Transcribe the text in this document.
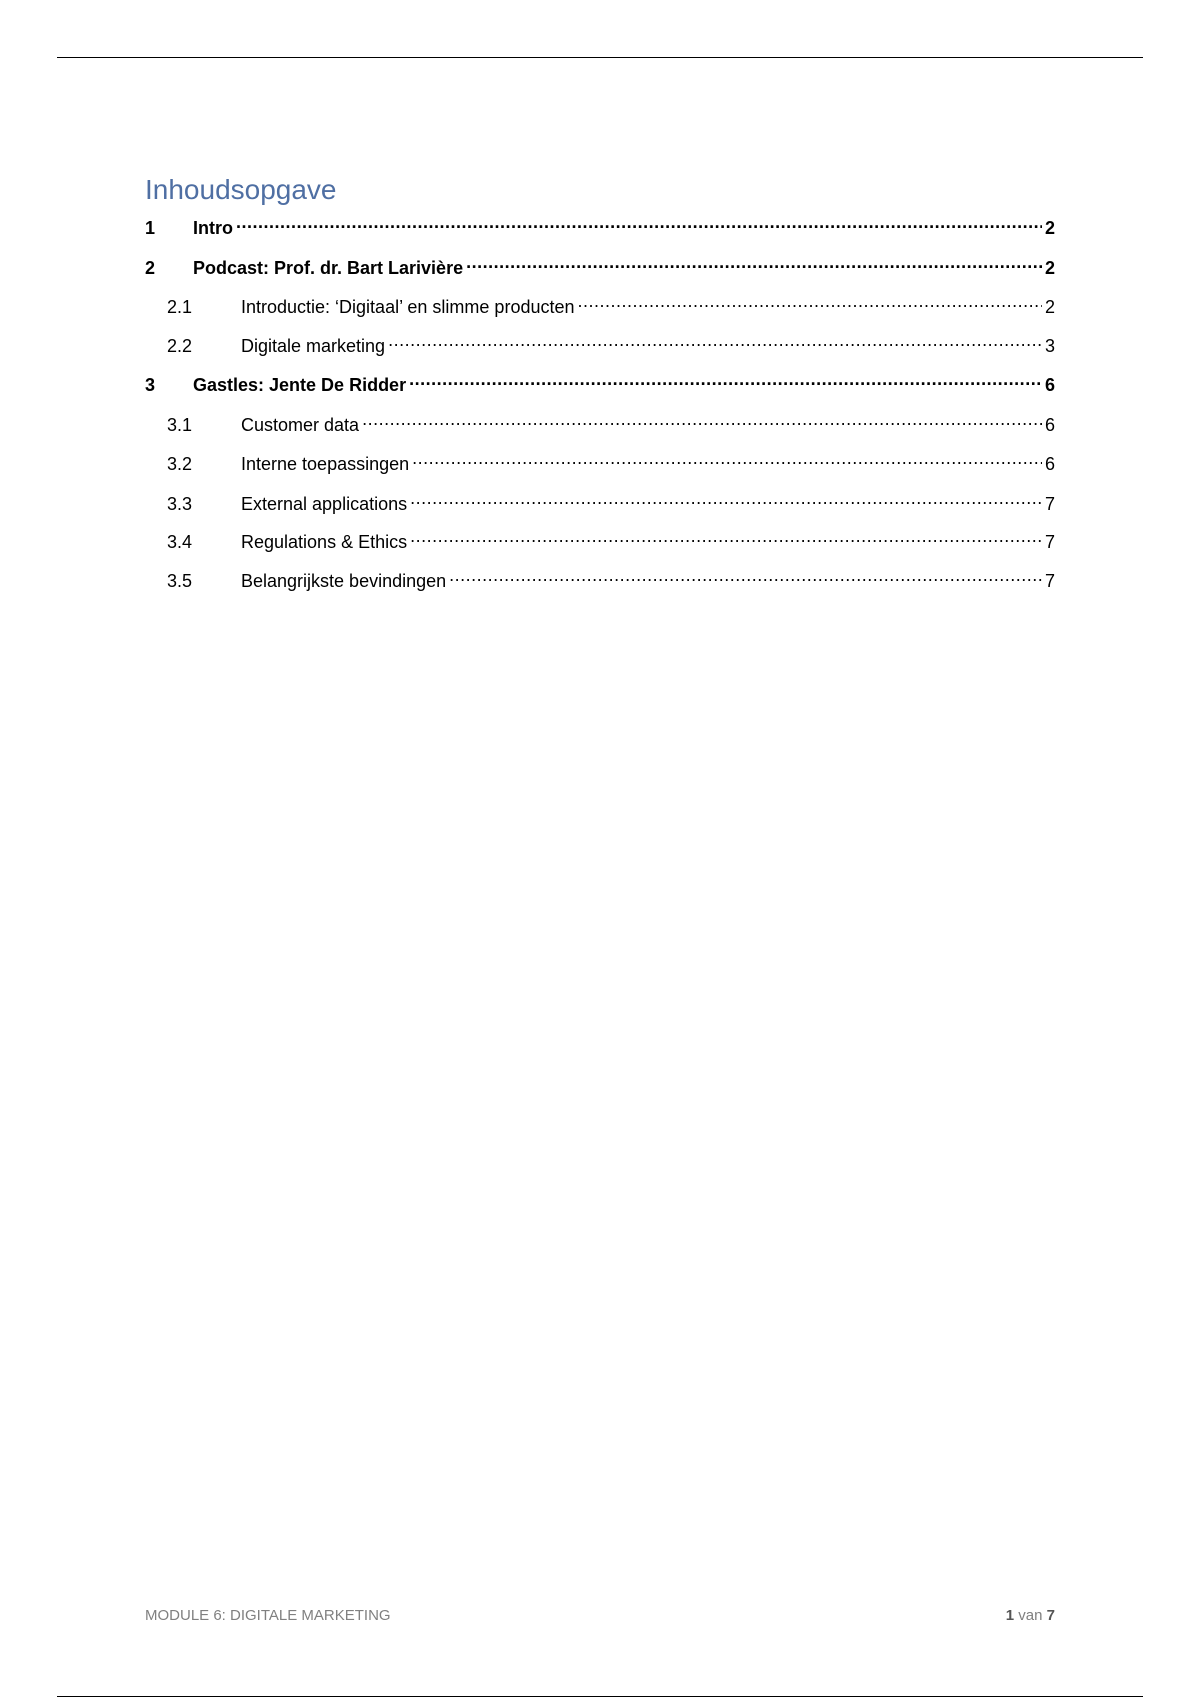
Inhoudsopgave
1	Intro .....	2
2	Podcast: Prof. dr. Bart Larivière .....	2
2.1	Introductie: ‘Digitaal’ en slimme producten .....	2
2.2	Digitale marketing .....	3
3	Gastles: Jente De Ridder .....	6
3.1	Customer data .....	6
3.2	Interne toepassingen .....	6
3.3	External applications .....	7
3.4	Regulations & Ethics .....	7
3.5	Belangrijkste bevindingen .....	7
MODULE 6: DIGITALE MARKETING	1 van 7
